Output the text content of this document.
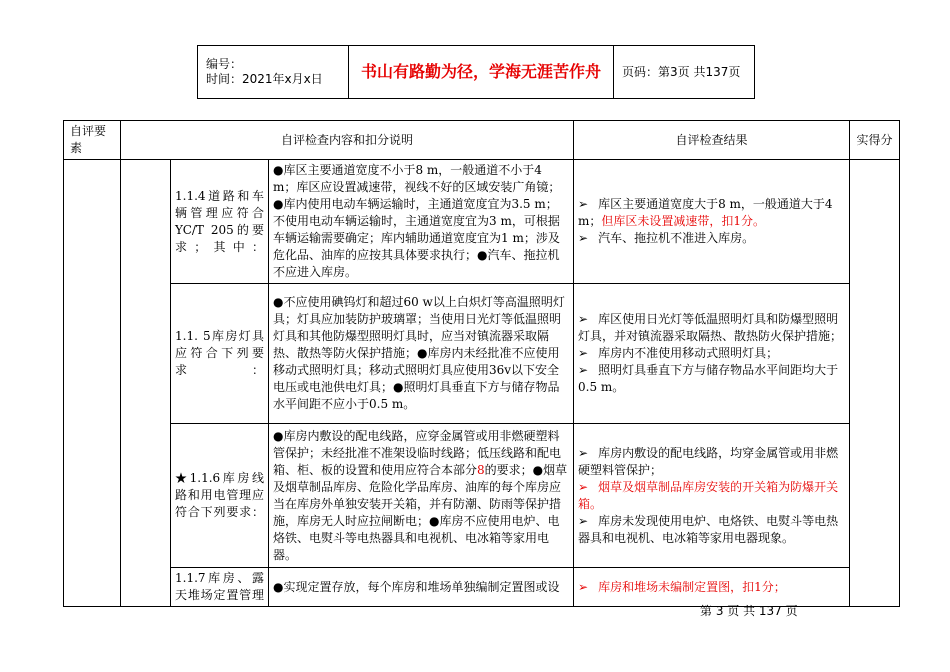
编号：
时间：2021年x月x日	书山有路勤为径，学海无涯苦作舟	页码：第3页 共137页
自评要素	自评检查内容和扣分说明			自评检查结果	实得分
		1.1.4道路和车辆管理应符合YC/T 205的要求；其中：	●库区主要通道宽度不小于8 m，一般通道不小于4 m；库区应设置减速带，视线不好的区域安装广角镜；●库内使用电动车辆运输时，主通道宽度宜为3.5 m；不使用电动车辆运输时，主通道宽度宜为3 m，可根据车辆运输需要确定；库内辅助通道宽度宜为1 m；涉及危化品、油库的应按其具体要求执行；●汽车、拖拉机不应进入库房。	➢ 库区主要通道宽度大于8 m，一般通道大于4 m；但库区未设置减速带，扣1分。
➢ 汽车、拖拉机不准进入库房。

		1.1. 5库房灯具应符合下列要求：	●不应使用碘钨灯和超过60 w以上白炽灯等高温照明灯具；灯具应加装防护玻璃罩；当使用日光灯等低温照明灯具和其他防爆型照明灯具时，应当对镇流器采取隔热、散热等防火保护措施；●库房内未经批准不应使用移动式照明灯具；移动式照明灯具应使用36v以下安全电压或电池供电灯具；●照明灯具垂直下方与储存物品水平间距不应小于0.5 m。	➢ 库区使用日光灯等低温照明灯具和防爆型照明灯具，并对镇流器采取隔热、散热防火保护措施；
➢ 库房内不准使用移动式照明灯具；
➢ 照明灯具垂直下方与储存物品水平间距均大于0.5 m。

		★1.1.6库房线路和用电管理应符合下列要求：	●库房内敷设的配电线路，应穿金属管或用非燃硬塑料管保护；未经批准不准架设临时线路；低压线路和配电箱、柜、板的设置和使用应符合本部分8的要求；●烟草及烟草制品库房、危险化学品库房、油库的每个库房应当在库房外单独安装开关箱，并有防潮、防雨等保护措施，库房无人时应拉闸断电；●库房不应使用电炉、电烙铁、电熨斗等电热器具和电视机、电冰箱等家用电器。	➢ 库房内敷设的配电线路，均穿金属管或用非燃硬塑料管保护；
➢ 烟草及烟草制品库房安装的开关箱为防爆开关箱。
➢ 库房未发现使用电炉、电烙铁、电熨斗等电热器具和电视机、电冰箱等家用电器现象。

		1.1.7库房、露天堆场定置管理	●实现定置存放，每个库房和堆场单独编制定置图或设	➢ 库房和堆场未编制定置图，扣1分；
第 3 页 共 137 页
